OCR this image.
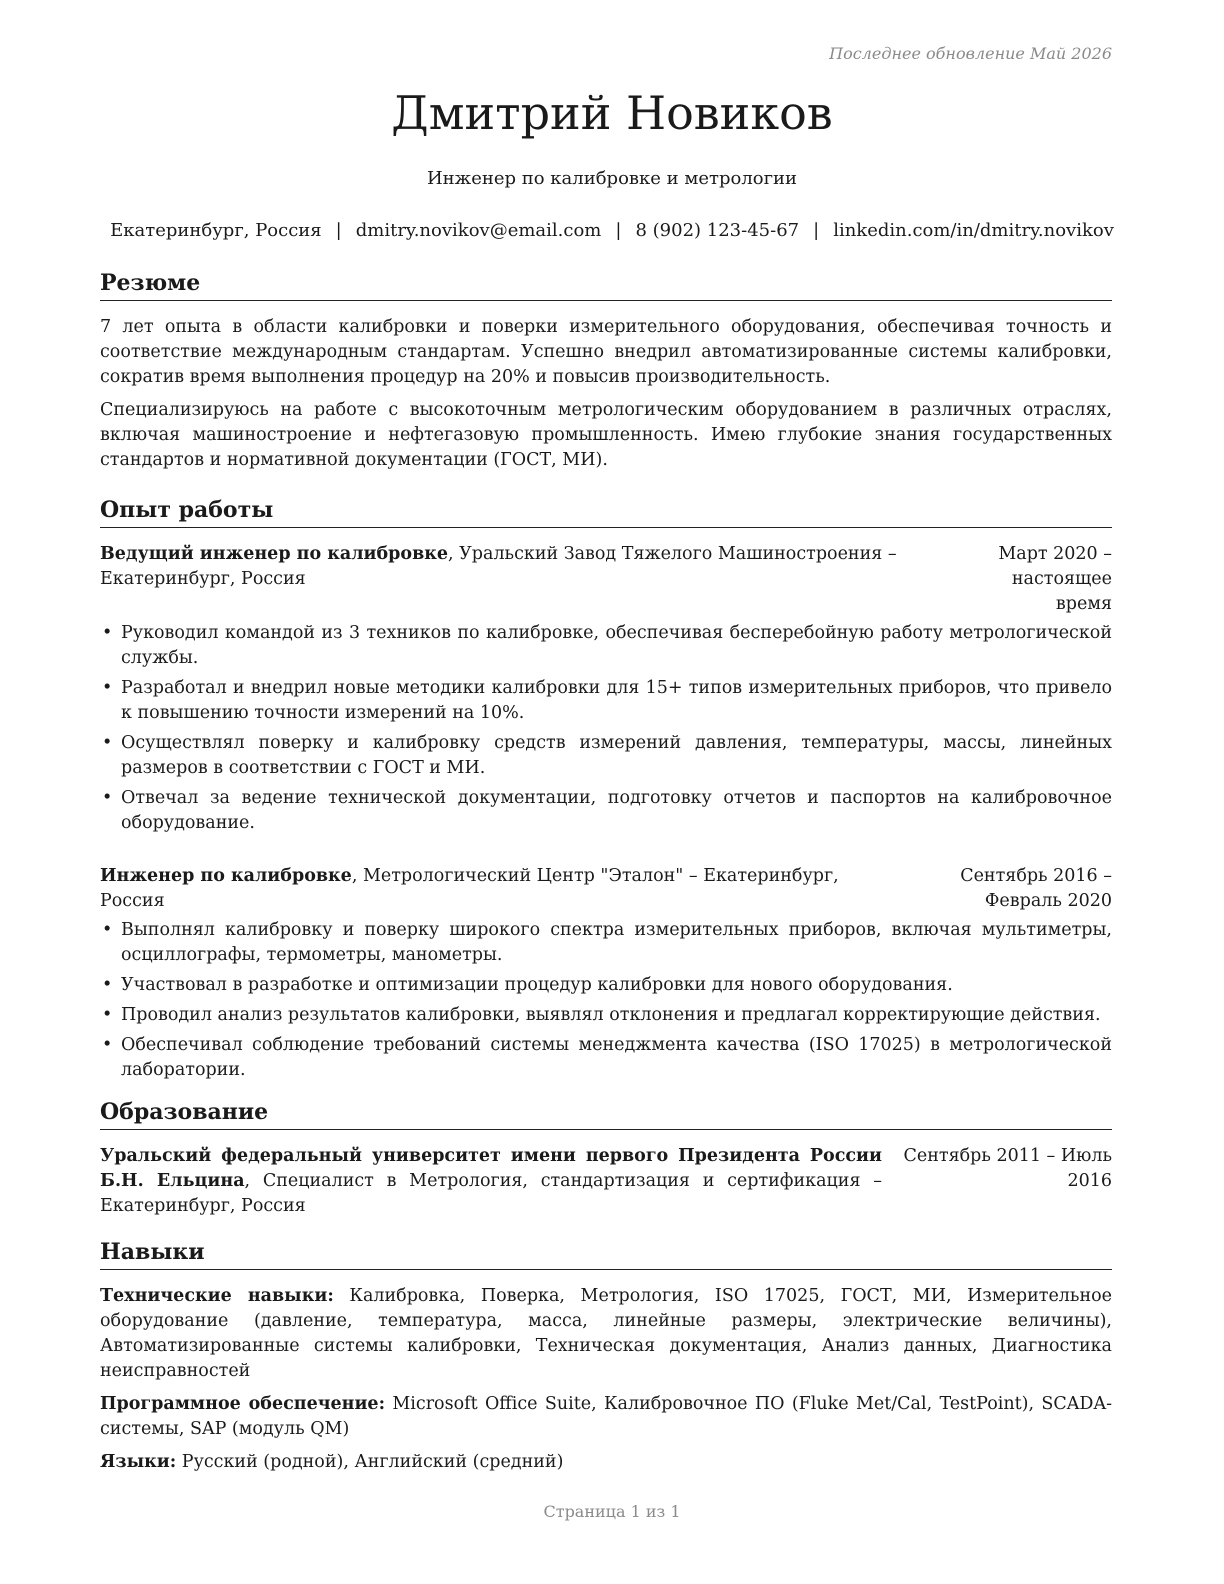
Последнее обновление Май 2026
Дмитрий Новиков
Инженер по калибровке и метрологии
Екатеринбург, Россия | dmitry.novikov@email.com | 8 (902) 123-45-67 | linkedin.com/in/dmitry.novikov
Резюме

7 лет опыта в области калибровки и поверки измерительного оборудования, обеспечивая точность и соответствие международным стандартам. Успешно внедрил автоматизированные системы калибровки, сократив время выполнения процедур на 20% и повысив производительность.

Специализируюсь на работе с высокоточным метрологическим оборудованием в различных отраслях, включая машиностроение и нефтегазовую промышленность. Имею глубокие знания государственных стандартов и нормативной документации (ГОСТ, МИ).

Опыт работы
Ведущий инженер по калибровке, Уральский Завод Тяжелого Машиностроения – Екатеринбург, Россия
Март 2020 – настоящее время
• Руководил командой из 3 техников по калибровке, обеспечивая бесперебойную работу метрологической службы.
• Разработал и внедрил новые методики калибровки для 15+ типов измерительных приборов, что привело к повышению точности измерений на 10%.
• Осуществлял поверку и калибровку средств измерений давления, температуры, массы, линейных размеров в соответствии с ГОСТ и МИ.
• Отвечал за ведение технической документации, подготовку отчетов и паспортов на калибровочное оборудование.
Инженер по калибровке, Метрологический Центр "Эталон" – Екатеринбург, Россия
Сентябрь 2016 – Февраль 2020
• Выполнял калибровку и поверку широкого спектра измерительных приборов, включая мультиметры, осциллографы, термометры, манометры.
• Участвовал в разработке и оптимизации процедур калибровки для нового оборудования.
• Проводил анализ результатов калибровки, выявлял отклонения и предлагал корректирующие действия.
• Обеспечивал соблюдение требований системы менеджмента качества (ISO 17025) в метрологической лаборатории.
Образование
Уральский федеральный университет имени первого Президента России Б.Н. Ельцина, Специалист в Метрология, стандартизация и сертификация – Екатеринбург, Россия
Сентябрь 2011 – Июль 2016
Навыки

Технические навыки: Калибровка, Поверка, Метрология, ISO 17025, ГОСТ, МИ, Измерительное оборудование (давление, температура, масса, линейные размеры, электрические величины), Автоматизированные системы калибровки, Техническая документация, Анализ данных, Диагностика неисправностей

Программное обеспечение: Microsoft Office Suite, Калибровочное ПО (Fluke Met/Cal, TestPoint), SCADA-системы, SAP (модуль QM)

Языки: Русский (родной), Английский (средний)

Страница 1 из 1
